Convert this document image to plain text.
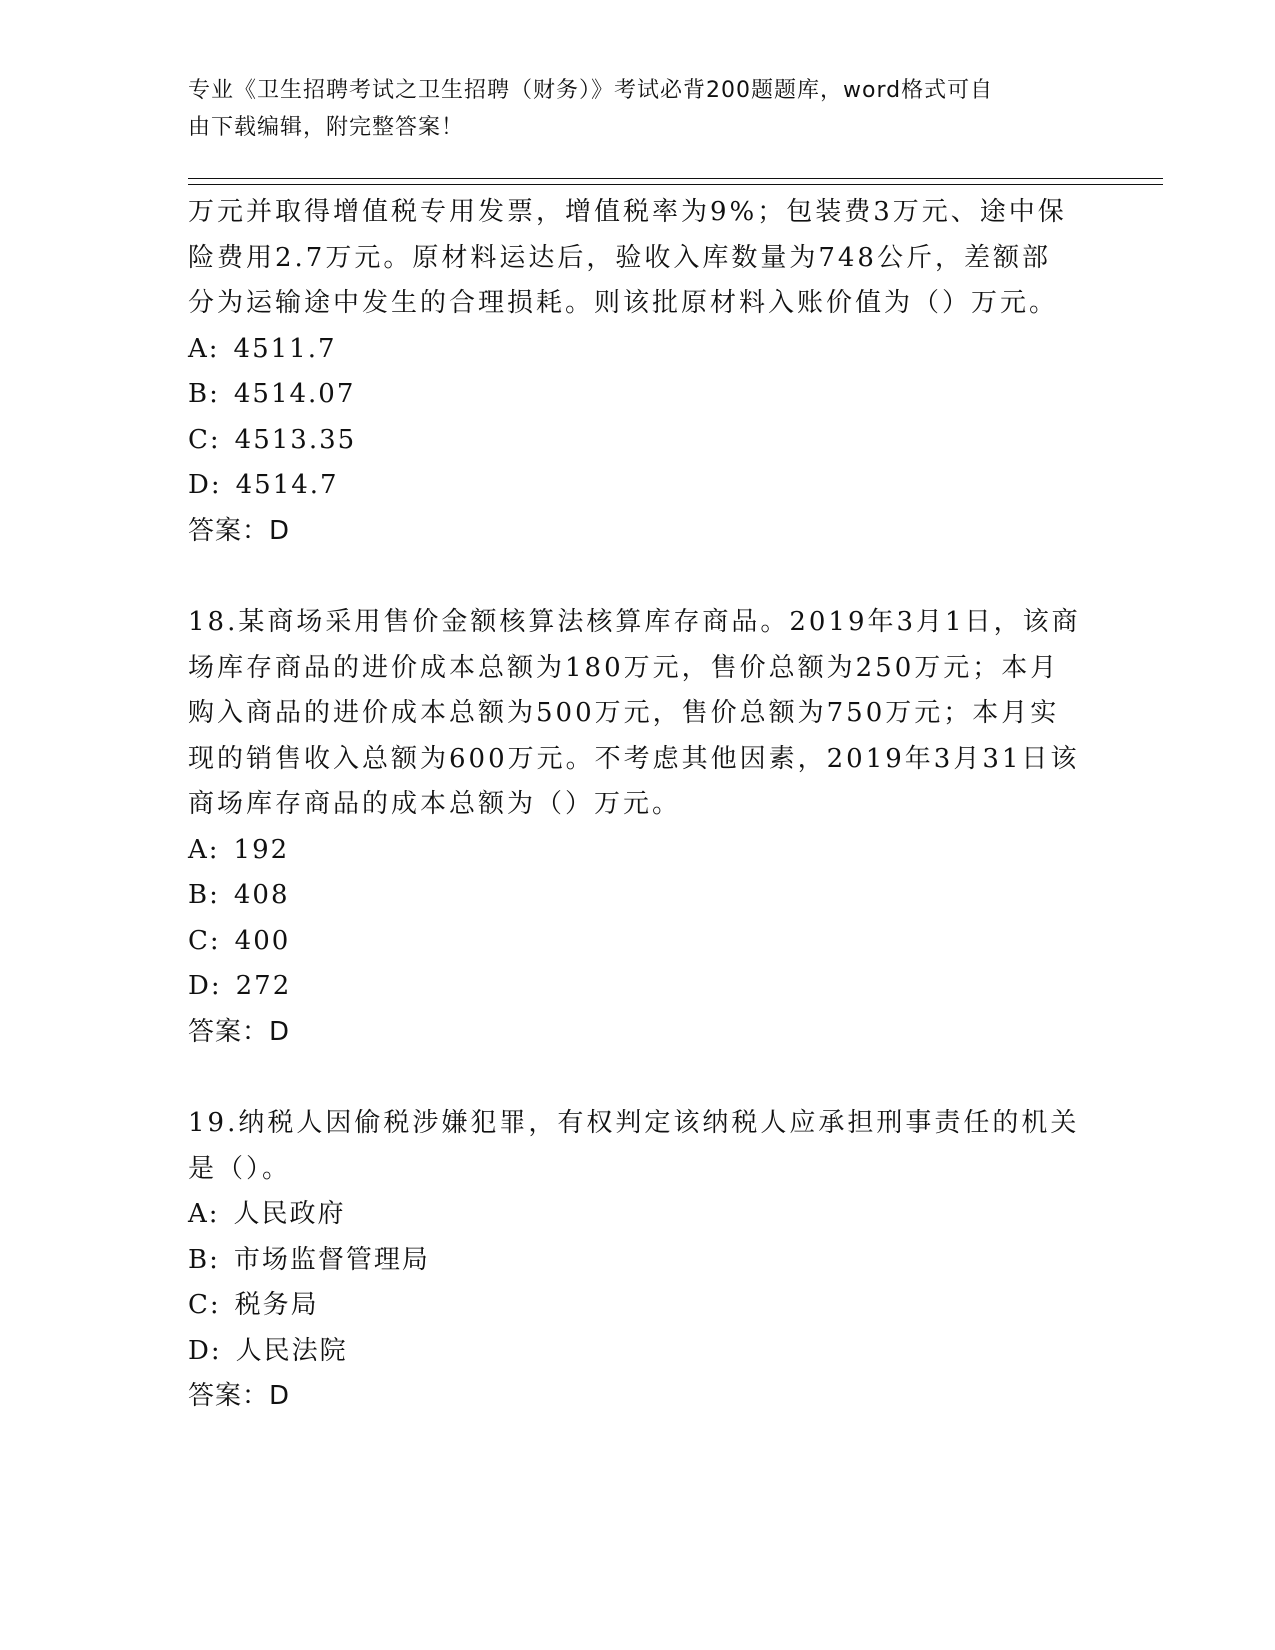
专业《卫生招聘考试之卫生招聘（财务）》考试必背200题题库，word格式可自
由下载编辑，附完整答案！

万元并取得增值税专用发票，增值税率为9%；包装费3万元、途中保

险费用2.7万元。原材料运达后，验收入库数量为748公斤，差额部

分为运输途中发生的合理损耗。则该批原材料入账价值为（）万元。

A: 4511.7

B: 4514.07

C: 4513.35

D: 4514.7

答案：D

18.某商场采用售价金额核算法核算库存商品。2019年3月1日，该商

场库存商品的进价成本总额为180万元，售价总额为250万元；本月

购入商品的进价成本总额为500万元，售价总额为750万元；本月实

现的销售收入总额为600万元。不考虑其他因素，2019年3月31日该

商场库存商品的成本总额为（）万元。

A: 192

B: 408

C: 400

D: 272

答案：D

19.纳税人因偷税涉嫌犯罪，有权判定该纳税人应承担刑事责任的机关

是（）。

A: 人民政府

B: 市场监督管理局

C: 税务局

D: 人民法院

答案：D
